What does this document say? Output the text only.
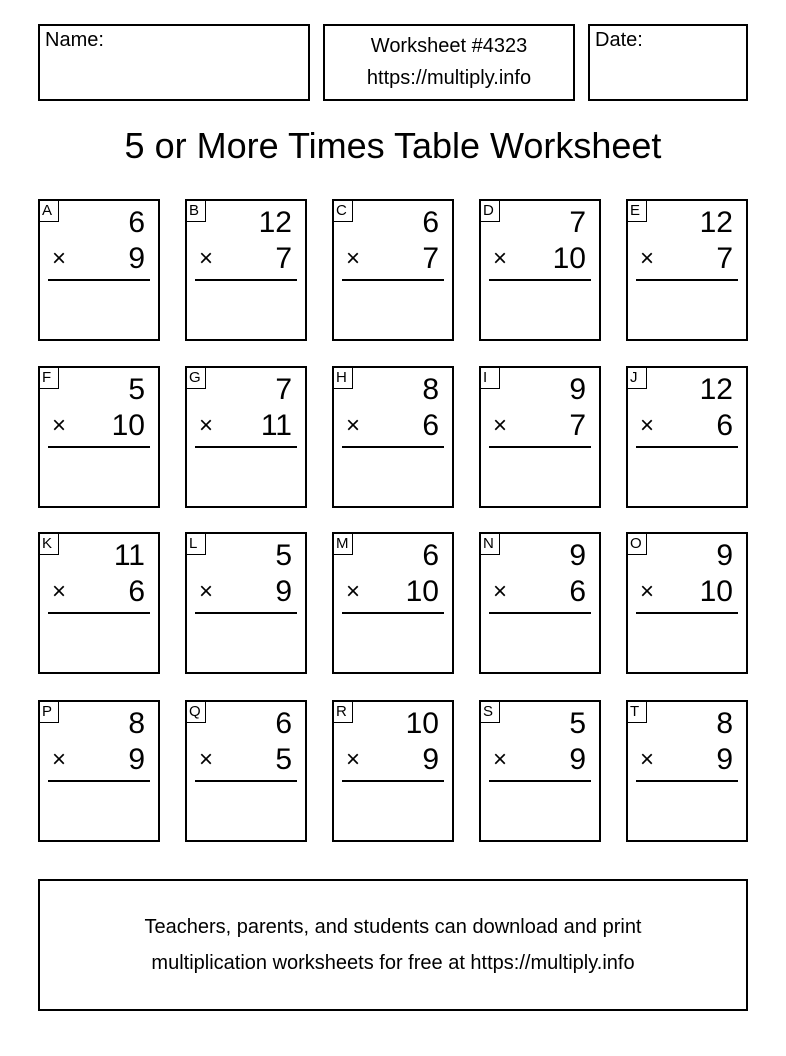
Name:	Worksheet #4323
https://multiply.info
Date:
5 or More Times Table Worksheet
A	6
× 9
B 12
× 7
C	6
× 7
D	7
× 10
E 12
× 7
F	5
× 10
G 7
× 11
H	8
× 6
I	9
× 7
J	12
× 6
K 11
× 6
L	5
× 9
M 6
× 10
N	9
× 6
O 9
× 10
P	8
× 9
Q 6
× 5
R 10
× 9
S	5
× 9
T	8
× 9
Teachers, parents, and students can download and print
multiplication worksheets for free at https://multiply.info
